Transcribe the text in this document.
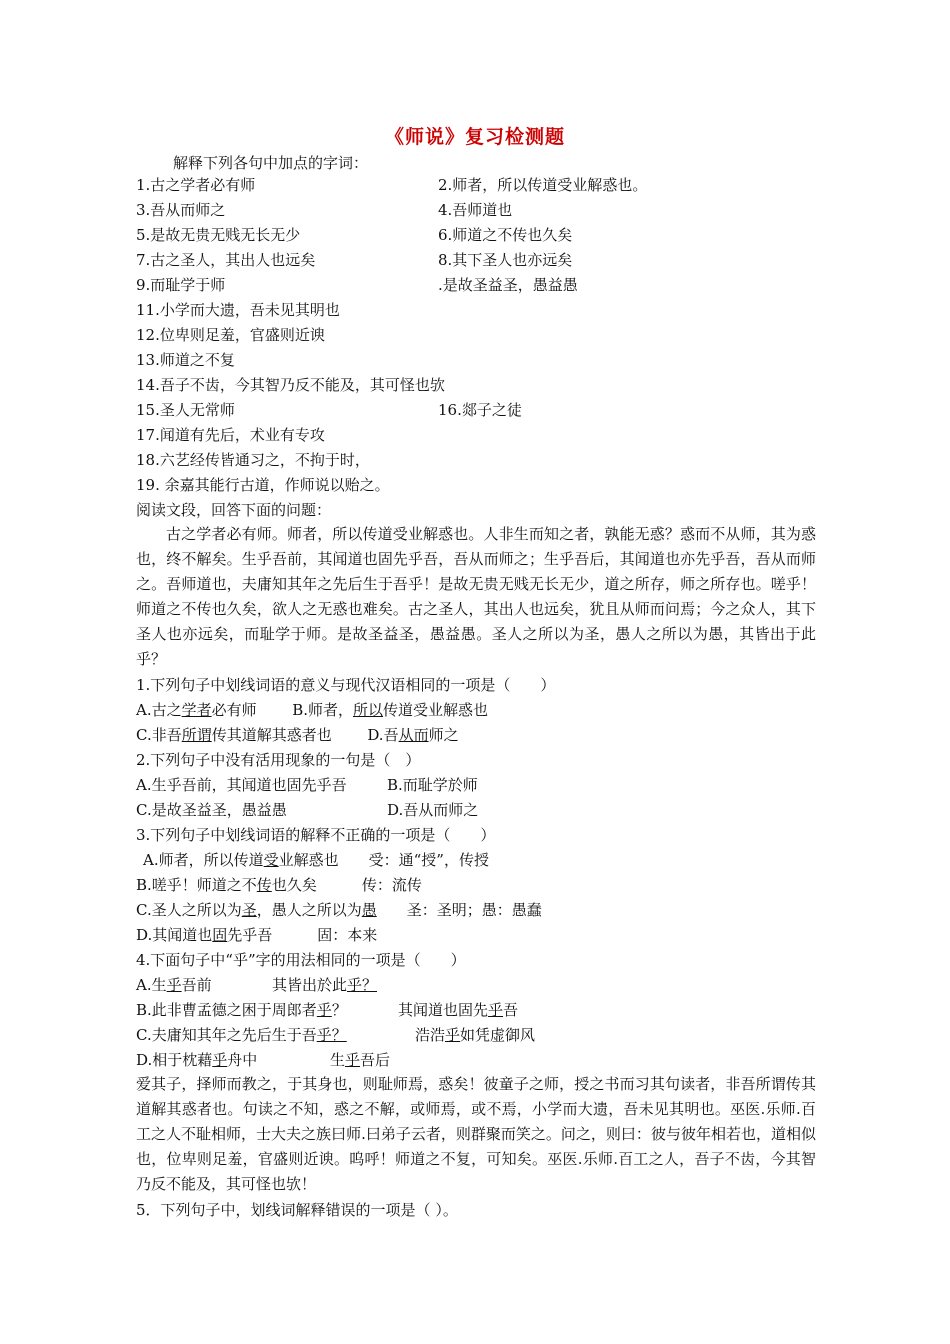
《师说》复习检测题
解释下列各句中加点的字词：
1.古之学者必有师	2.师者，所以传道受业解惑也。
3.吾从而师之	4.吾师道也
5.是故无贵无贱无长无少	6.师道之不传也久矣
7.古之圣人，其出人也远矣	8.其下圣人也亦远矣
9.而耻学于师	.是故圣益圣，愚益愚
11.小学而大遗，吾未见其明也
12.位卑则足羞，官盛则近谀
13.师道之不复
14.吾子不齿，今其智乃反不能及，其可怪也欤
15.圣人无常师	16.郯子之徒
17.闻道有先后，术业有专攻
18.六艺经传皆通习之，不拘于时，
19. 余嘉其能行古道，作师说以贻之。
阅读文段，回答下面的问题：
古之学者必有师。师者，所以传道受业解惑也。人非生而知之者，孰能无惑？惑而不从师，其为惑也，终不解矣。生乎吾前，其闻道也固先乎吾，吾从而师之；生乎吾后，其闻道也亦先乎吾，吾从而师之。吾师道也，夫庸知其年之先后生于吾乎！是故无贵无贱无长无少，道之所存，师之所存也。嗟乎！师道之不传也久矣，欲人之无惑也难矣。古之圣人，其出人也远矣，犹且从师而问焉；今之众人，其下圣人也亦远矣，而耻学于师。是故圣益圣，愚益愚。圣人之所以为圣，愚人之所以为愚，其皆出于此乎？
1.下列句子中划线词语的意义与现代汉语相同的一项是（　　）
A.古之学者必有师 B.师者，所以传道受业解惑也
C.非吾所谓传其道解其惑者也 D.吾从而师之
2.下列句子中没有活用现象的一句是（　）
A.生乎吾前，其闻道也固先乎吾	B.而耻学於师
C.是故圣益圣，愚益愚	D.吾从而师之
3.下列句子中划线词语的解释不正确的一项是（　　）
A.师者，所以传道受业解惑也　　受：通“授”，传授
B.嗟乎！师道之不传也久矣　　　传：流传
C.圣人之所以为圣，愚人之所以为愚　　圣：圣明；愚：愚蠢
D.其闻道也固先乎吾　　　固：本来
4.下面句子中“乎”字的用法相同的一项是（　　）
A.生乎吾前	其皆出於此乎？
B.此非曹孟德之困于周郎者乎？	其闻道也固先乎吾
C.夫庸知其年之先后生于吾乎？	浩浩乎如凭虚御风
D.相于枕藉乎舟中	生乎吾后
爱其子，择师而教之，于其身也，则耻师焉，惑矣！彼童子之师，授之书而习其句读者，非吾所谓传其道解其惑者也。句读之不知，惑之不解，或师焉，或不焉，小学而大遗，吾未见其明也。巫医.乐师.百工之人不耻相师，士大夫之族曰师.曰弟子云者，则群聚而笑之。问之，则曰：彼与彼年相若也，道相似也，位卑则足羞，官盛则近谀。呜呼！师道之不复，可知矣。巫医.乐师.百工之人，吾子不齿，今其智乃反不能及，其可怪也欤！
5．下列句子中，划线词解释错误的一项是（ ）。
